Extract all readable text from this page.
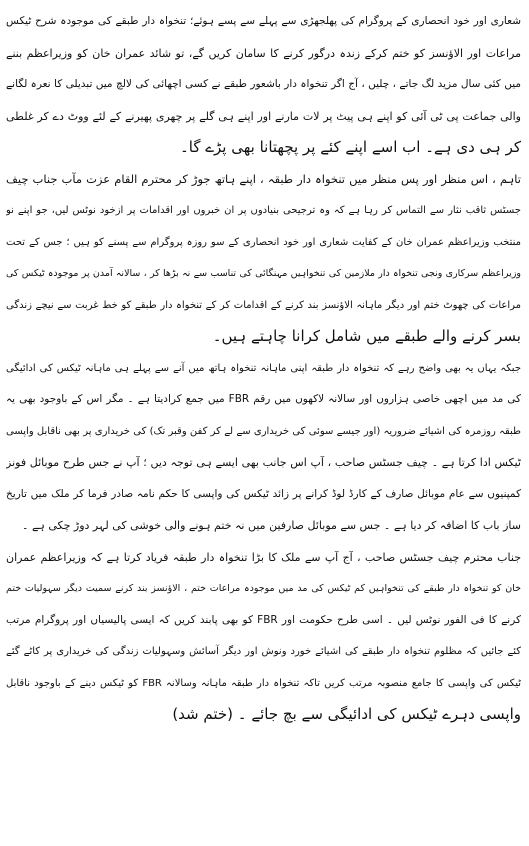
شعاری اور خود انحصاری کے پروگرام کی پھلجھڑی سے پہلے سے پسے ہوئے؛ تنخواہ دار طبقے کی موجودہ شرح ٹیکس
مراعات اور الاؤنسز کو ختم کرکے زندہ درگور کرنے کا سامان کریں گے، تو شائد عمران خان کو وزیراعظم بننے
میں کئی سال مزید لگ جاتے ، چلیں ، آج اگر تنخواہ دار باشعور طبقے نے کسی اچھائی کی لالچ میں تبدیلی کا نعرہ لگانے
والی جماعت پی ٹی آئی کو اپنے ہی پیٹ پر لات مارنے اور اپنے ہی گلے پر چھری پھیرنے کے لئے ووٹ دے کر غلطی
کر ہی دی ہے۔ اب اسے اپنے کئے پر پچھتانا بھی پڑے گا۔
تاہم ، اس منظر اور پس منظر میں تنخواہ دار طبقہ ، اپنے ہاتھ جوڑ کر محترم القام عزت مآب جناب چیف
جسٹس ثاقب نثار سے التماس کر رہا ہے کہ وہ ترجیحی بنیادوں پر ان خبروں اور اقدامات پر ازخود نوٹس لیں، جو اپنے نو
منتخب وزیراعظم عمران خان کے کفایت شعاری اور خود انحصاری کے سو روزہ پروگرام سے پسنے کو ہیں ؛ جس کے تحت
وزیراعظم سرکاری ونجی تنخواہ دار ملازمین کی تنخواہیں مہنگائی کی تناسب سے نہ بڑھا کر ، سالانہ آمدن پر موجودہ ٹیکس کی
مراعات کی چھوٹ ختم اور دیگر ماہانہ الاؤنسز بند کرنے کے اقدامات کر کے تنخواہ دار طبقے کو خط غربت سے نیچے زندگی
بسر کرنے والے طبقے میں شامل کرانا چاہتے ہیں۔
جبکہ یہاں یہ بھی واضح رہے کہ تنخواہ دار طبقہ اپنی ماہانہ تنخواہ ہاتھ میں آنے سے پہلے ہی ماہانہ ٹیکس کی ادائیگی
کی مد میں اچھی خاصی ہزاروں اور سالانہ لاکھوں میں رقم FBR میں جمع کرادیتا ہے ۔ مگر اس کے باوجود بھی یہ
طبقہ روزمرہ کی اشیائے ضروریہ (اور جیسے سوئی کی خریداری سے لے کر کفن وقبر تک) کی خریداری پر بھی ناقابل واپسی
ٹیکس ادا کرتا ہے ۔ چیف جسٹس صاحب ، آپ اس جانب بھی ایسے ہی توجہ دیں ؛ آپ نے جس طرح موبائل فونز
کمپنیوں سے عام موبائل صارف کے کارڈ لوڈ کرانے پر زائد ٹیکس کی واپسی کا حکم نامہ صادر فرما کر ملک میں تاریخ
ساز باب کا اضافہ کر دیا ہے ۔ جس سے موبائل صارفین میں نہ ختم ہونے والی خوشی کی لہر دوڑ چکی ہے ۔
جناب محترم چیف جسٹس صاحب ، آج آپ سے ملک کا بڑا تنخواہ دار طبقہ فریاد کرتا ہے کہ وزیراعظم عمران
خان کو تنخواہ دار طبقے کی تنخواہیں کم ٹیکس کی مد میں موجودہ مراعات ختم ، الاؤنسز بند کرنے سمیت دیگر سہولیات ختم
کرنے کا فی الفور نوٹس لیں ۔ اسی طرح حکومت اور FBR کو بھی پابند کریں کہ ایسی پالیسیاں اور پروگرام مرتب
کئے جائیں کہ مظلوم تنخواہ دار طبقے کی اشیائے خورد ونوش اور دیگر آسائش وسہولیات زندگی کی خریداری پر کاٹے گئے
ٹیکس کی واپسی کا جامع منصوبہ مرتب کریں تاکہ تنخواہ دار طبقہ ماہانہ وسالانہ FBR کو ٹیکس دینے کے باوجود ناقابل
واپسی دہرے ٹیکس کی ادائیگی سے بچ جائے ۔ (ختم شد)
